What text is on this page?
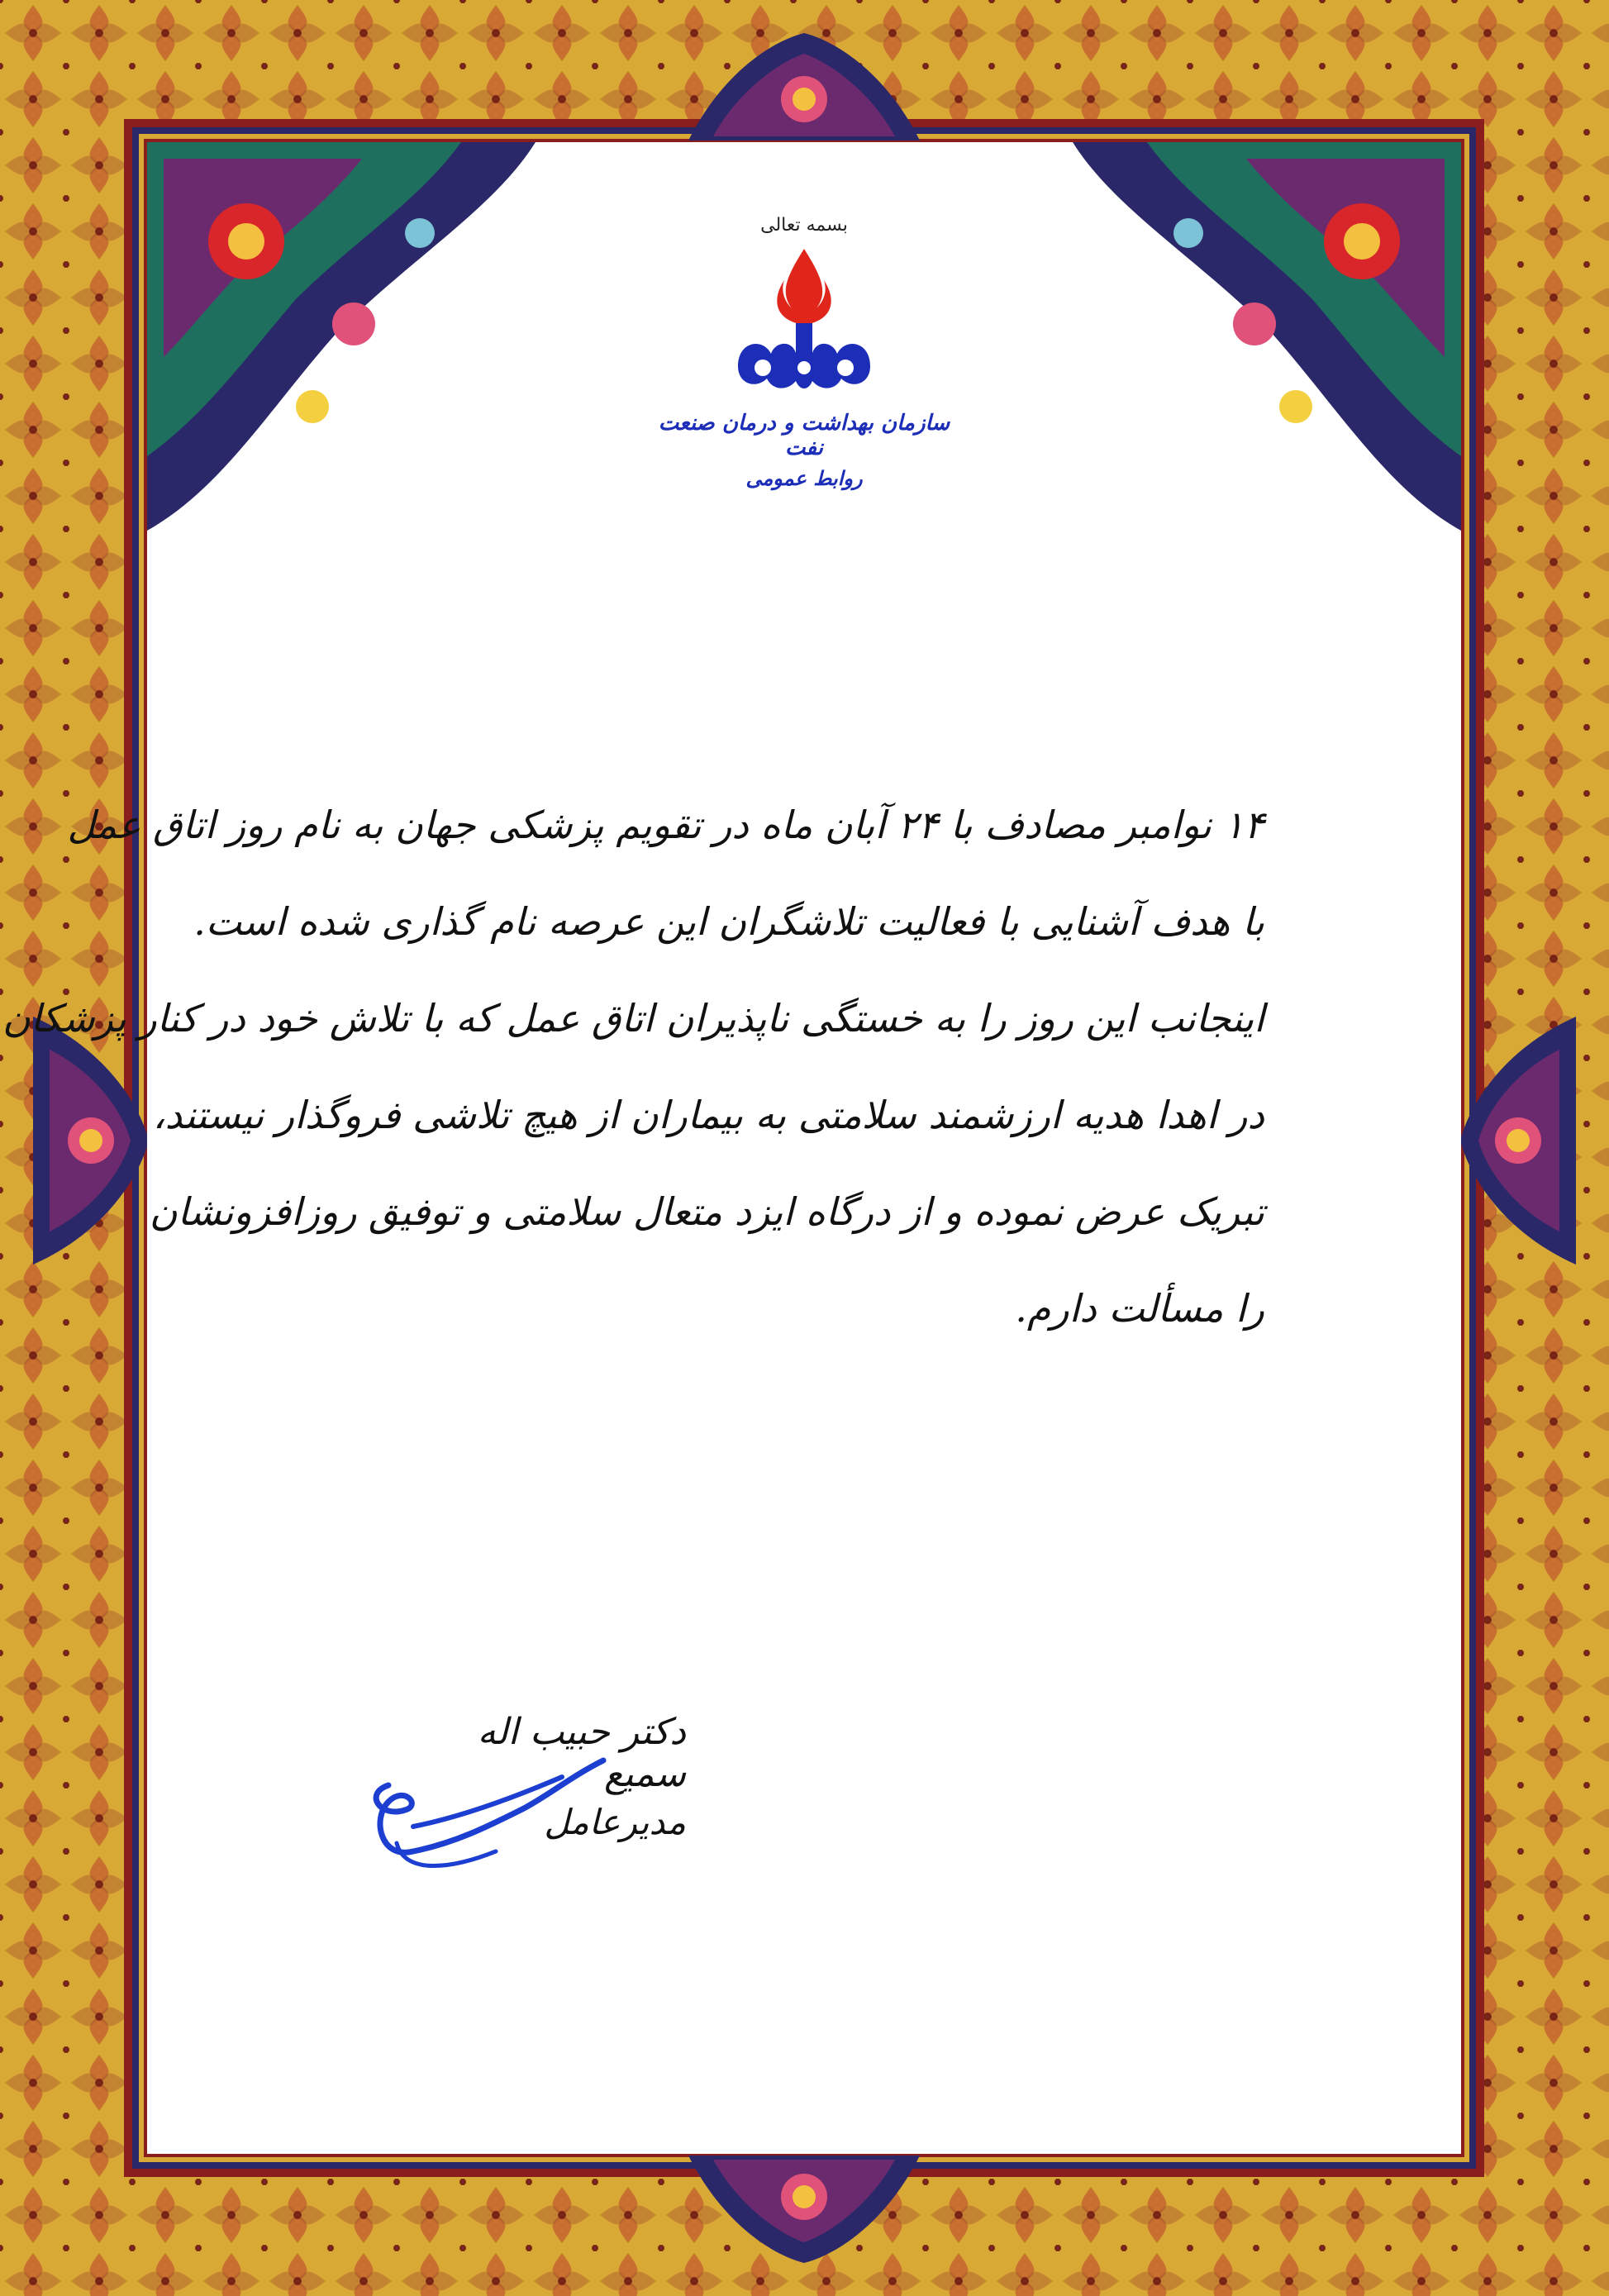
بسمه تعالی
سازمان بهداشت و درمان صنعت نفت
روابط عمومی
۱۴ نوامبر مصادف با ۲۴ آبان ماه در تقویم پزشکی جهان به نام روز اتاق عمل
با هدف آشنایی با فعالیت تلاشگران این عرصه نام گذاری شده است.
اینجانب این روز را به خستگی ناپذیران اتاق عمل که با تلاش خود در کنار پزشکان
در اهدا هدیه ارزشمند سلامتی به بیماران از هیچ تلاشی فروگذار نیستند،
تبریک عرض نموده و از درگاه ایزد متعال سلامتی و توفیق روزافزونشان
را مسألت دارم.
دکتر حبیب اله سمیع
مدیرعامل
